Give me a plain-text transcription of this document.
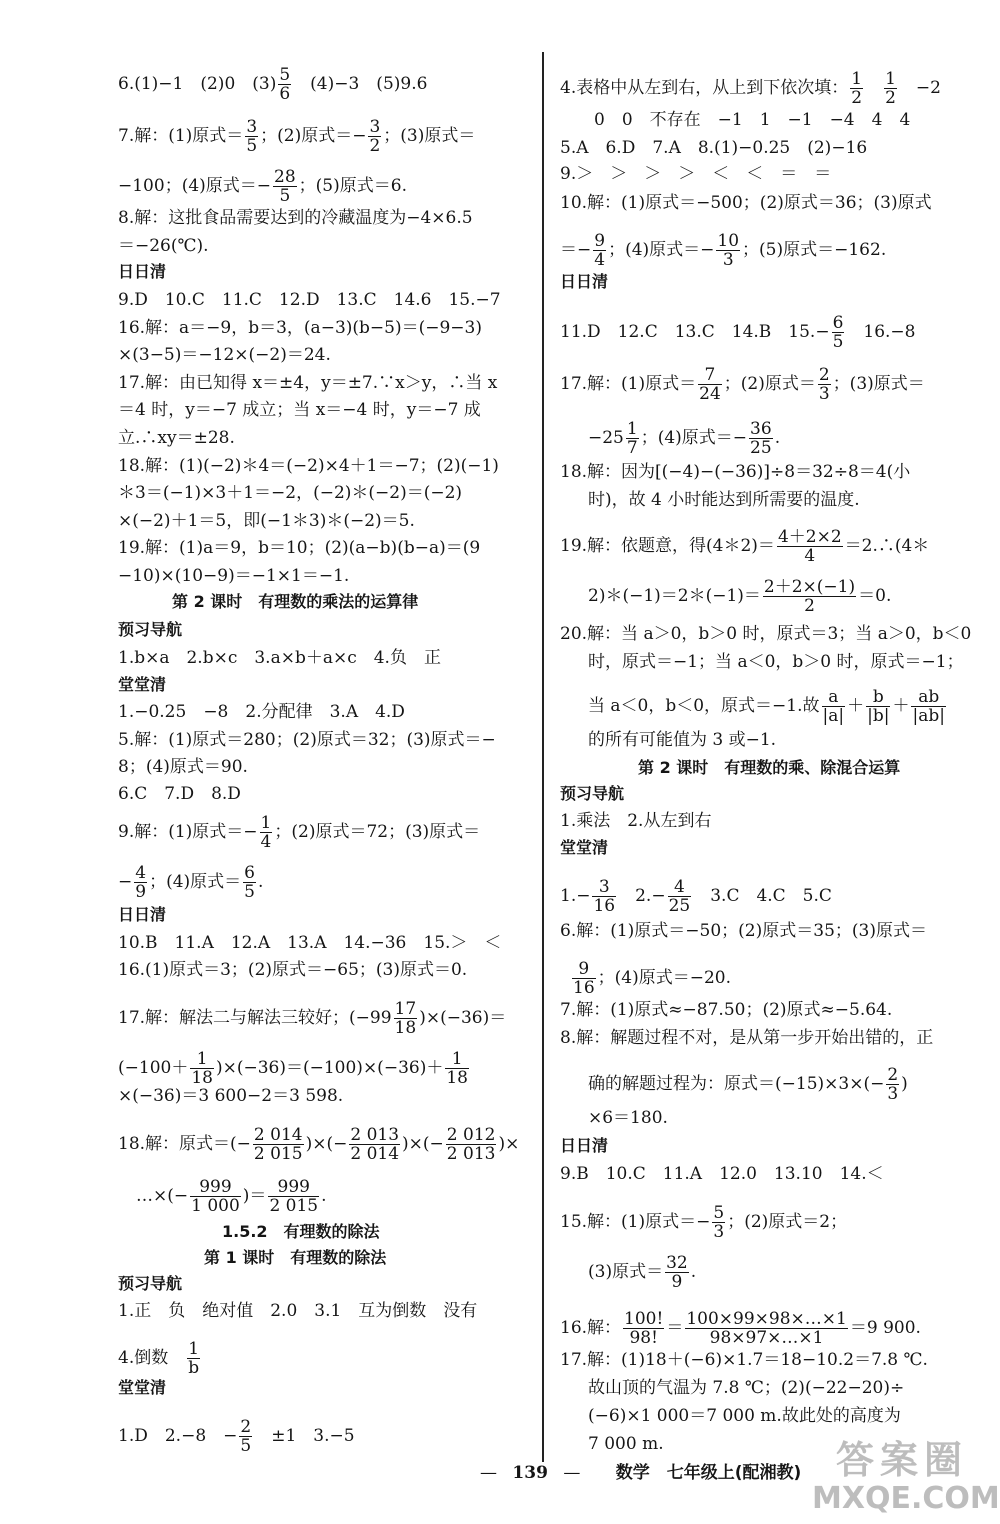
6.(1)−1　(2)0　$(3) \frac{5}{6}$ 　(4)−3　(5)9.6
7.解：(1)原式＝ $\frac{3}{5}$ ；(2)原式＝− $\frac{3}{2}$ ；(3)原式＝
−100；(4)原式＝− $\frac{28}{5}$ ；(5)原式＝6.
8.解：这批食品需要达到的冷藏温度为−4×6.5
＝−26(℃).
日日清
9.D　10.C　11.C　12.D　13.C　14.6　15.−7
16.解：a＝−9，b＝3，(a−3)(b−5)＝(−9−3)
×(3−5)＝−12×(−2)＝24.
17.解：由已知得 x＝±4，y＝±7.∵x＞y，∴当 x
＝4 时，y＝−7 成立；当 x＝−4 时，y＝−7 成
立.∴xy＝±28.
18.解：(1)(−2)＊4＝(−2)×4＋1＝−7；(2)(−1)
＊3＝(−1)×3＋1＝−2，(−2)＊(−2)＝(−2)
×(−2)＋1＝5，即(−1＊3)＊(−2)＝5.
19.解：(1)a＝9，b＝10；(2)(a−b)(b−a)＝(9
−10)×(10−9)＝−1×1＝−1.
第 2 课时　有理数的乘法的运算律
预习导航
1.b×a　2.b×c　3.a×b＋a×c　4.负　正
堂堂清
1.−0.25　−8　2.分配律　3.A　4.D
5.解：(1)原式＝280；(2)原式＝32；(3)原式＝−
8；(4)原式＝90.
6.C　7.D　8.D
9.解：(1)原式＝− $\frac{1}{4}$ ；(2)原式＝72；(3)原式＝
− $\frac{4}{9}$ ；(4)原式＝ $\frac{6}{5}$ .
日日清
10.B　11.A　12.A　13.A　14.−36　15.＞　＜
16.(1)原式＝3；(2)原式＝−65；(3)原式＝0.
17.解：解法二与解法三较好；$(-99 \frac{17}{18} )\times(-36)=$
$(-100+ \frac{1}{18} )\times(-36)=(-100)\times(-36)+ \frac{1}{18}$
×(−36)＝3 600−2＝3 598.
18.解：原式＝(− $\frac{2 014}{2 015}$ )×(− $\frac{2 013}{2 014}$ )×(− $\frac{2 012}{2 013}$ )×
…×(− $\frac{999}{1 000}$ )＝ $\frac{999}{2 015}$ .
1.5.2　有理数的除法
第 1 课时　有理数的除法
预习导航
1.正　负　绝对值　2.0　3.1　互为倒数　没有
4.倒数　 $\frac{1}{b}$
堂堂清
1.D　2.−8　− $\frac{2}{5}$ 　±1　3.−5
4.表格中从左到右，从上到下依次填： $\frac{1}{2}$
　 $\frac{1}{2}$ 　−2
0　0　不存在　−1　1　−1　−4　4　4
5.A　6.D　7.A　8.(1)−0.25　(2)−16
9.＞　＞　＞　＞　＜　＜　＝　＝
10.解：(1)原式＝−500；(2)原式＝36；(3)原式
＝− $\frac{9}{4}$ ；(4)原式＝− $\frac{10}{3}$ ；(5)原式＝−162.
日日清
11.D　12.C　13.C　14.B　$15.- \frac{6}{5}$ 　16.−8
17.解：(1)原式＝ $\frac{7}{24}$ ；(2)原式＝ $\frac{2}{3}$ ；(3)原式＝
$-25 \frac{1}{7}$ ；(4)原式＝− $\frac{36}{25}$ .
18.解：因为[(−4)−(−36)]÷8＝32÷8＝4(小
时)，故 4 小时能达到所需要的温度.
19.解：依题意，得(4＊2)＝ $\frac{4+2\times 2}{4}$ ＝2.∴(4＊
2)＊(−1)＝2＊(−1)＝ $\frac{2+2\times(-1)}{2} =0$.
20.解：当 a＞0，b＞0 时，原式＝3；当 a＞0，b＜0
时，原式＝−1；当 a＜0，b＞0 时，原式＝−1；
当 a＜0，b＜0，原式＝−1.故 $\frac{a}{|a|} + \frac{b}{|b|} + \frac{ab}{|ab|}$
的所有可能值为 3 或−1.
第 2 课时　有理数的乘、除混合运算
预习导航
1.乘法　2.从左到右
堂堂清
$1.- \frac{3}{16}$ 　$2.- \frac{4}{25}$ 　3.C　4.C　5.C
6.解：(1)原式＝−50；(2)原式＝35；(3)原式＝
$\frac{9}{16}$ ；(4)原式＝−20.
7.解：(1)原式≈−87.50；(2)原式≈−5.64.
8.解：解题过程不对，是从第一步开始出错的，正
确的解题过程为：原式$=(-15)\times 3\times(- \frac{2}{3}$ )
×6＝180.
日日清
9.B　10.C　11.A　12.0　13.10　14.＜
15.解：(1)原式＝− $\frac{5}{3}$ ；(2)原式＝2；
(3)原式＝ $\frac{32}{9}$ .
16.解： $\frac{100!}{98!} = \frac{100\times 99\times 98\times\dots\times 1}{98\times 97\times\dots\times 1} =9$ 900.
17.解：(1)18＋(−6)×1.7＝18−10.2＝7.8 ℃.
故山顶的气温为 7.8 ℃；(2)(−22−20)÷
(−6)×1 000＝7 000 m.故此处的高度为
7 000 m.
— 139 — 数学　七年级上(配湘教) 答案圈
MXQE.COM
